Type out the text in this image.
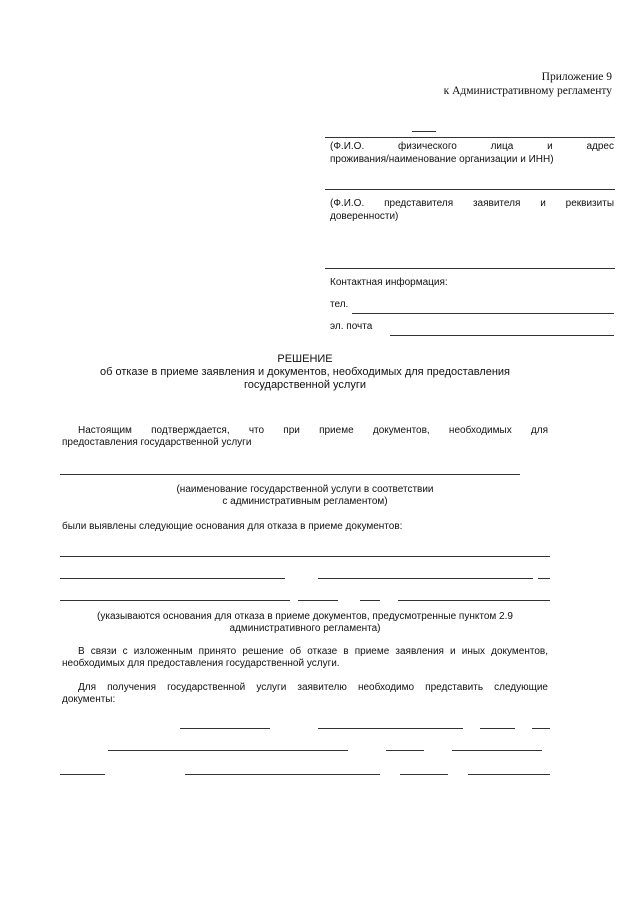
Приложение 9
к Административному регламенту
(Ф.И.О. физического лица и адрес
проживания/наименование организации и ИНН)
(Ф.И.О. представителя заявителя и реквизиты
доверенности)
Контактная информация:
тел.
эл. почта
РЕШЕНИЕ
об отказе в приеме заявления и документов, необходимых для предоставления
государственной услуги
Настоящим подтверждается, что при приеме документов, необходимых для
предоставления государственной услуги
(наименование государственной услуги в соответствии
с административным регламентом)
были выявлены следующие основания для отказа в приеме документов:
(указываются основания для отказа в приеме документов, предусмотренные пунктом 2.9
административного регламента)
В связи с изложенным принято решение об отказе в приеме заявления и иных документов,
необходимых для предоставления государственной услуги.
Для получения государственной услуги заявителю необходимо представить следующие
документы:
